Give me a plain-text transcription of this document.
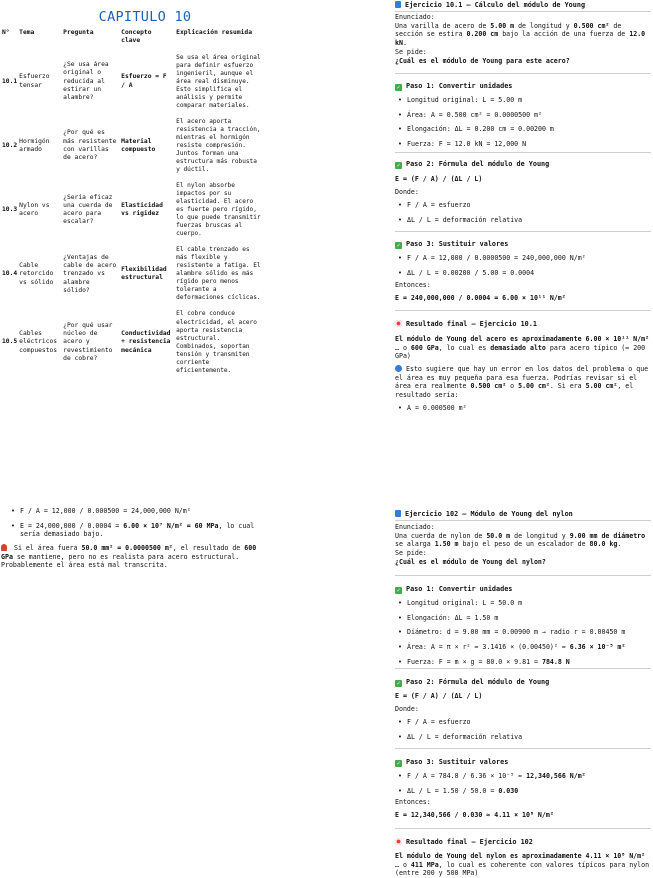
CAPITULO 10
N°	Tema	Pregunta	Concepto clave	Explicación resumida
10.1	Esfuerzo tensar	¿Se usa área original o reducida al estirar un alambre?	Esfuerzo = F / A	Se usa el área original para definir esfuerzo ingenieril, aunque el área real disminuye. Esto simplifica el análisis y permite comparar materiales.
10.2	Hormigón armado	¿Por qué es más resistente con varillas de acero?	Material compuesto	El acero aporta resistencia a tracción, mientras el hormigón resiste compresión. Juntos forman una estructura más robusta y dúctil.
10.3	Nylon vs acero	¿Sería eficaz una cuerda de acero para escalar?	Elasticidad vs rigidez	El nylon absorbe impactos por su elasticidad. El acero es fuerte pero rígido, lo que puede transmitir fuerzas bruscas al cuerpo.
10.4	Cable retorcido vs sólido	¿Ventajas de cable de acero trenzado vs alambre sólido?	Flexibilidad estructural	El cable trenzado es más flexible y resistente a fatiga. El alambre sólido es más rígido pero menos tolerante a deformaciones cíclicas.
10.5	Cables eléctricos compuestos	¿Por qué usar núcleo de acero y revestimiento de cobre?	Conductividad + resistencia mecánica	El cobre conduce electricidad, el acero aporta resistencia estructural. Combinados, soportan tensión y transmiten corriente eficientemente.
• F / A = 12,000 / 0.000500 = 24,000,000 N/m²
• E = 24,000,000 / 0.0004 = 6.00 × 10⁷ N/m² = 60 MPa, lo cual sería demasiado bajo.
Si el área fuera 50.0 mm² = 0.0000500 m², el resultado de 600 GPa se mantiene, pero no es realista para acero estructural. Probablemente el área está mal transcrita.
Ejercicio 10.1 — Cálculo del módulo de Young
Enunciado:
Una varilla de acero de 5.00 m de longitud y 0.500 cm² de sección se estira 0.200 cm bajo la acción de una fuerza de 12.0 kN.
Se pide:
¿Cuál es el módulo de Young para este acero?
✓ Paso 1: Convertir unidades
• Longitud original: L = 5.00 m
• Área: A = 0.500 cm² = 0.0000500 m²
• Elongación: ΔL = 0.200 cm = 0.00200 m
• Fuerza: F = 12.0 kN = 12,000 N
✓ Paso 2: Fórmula del módulo de Young
E = (F / A) / (ΔL / L)
Donde:
• F / A = esfuerzo
• ΔL / L = deformación relativa
✓ Paso 3: Sustituir valores
• F / A = 12,000 / 0.0000500 = 240,000,000 N/m²
• ΔL / L = 0.00200 / 5.00 = 0.0004
Entonces:
E = 240,000,000 / 0.0004 = 6.00 × 10¹¹ N/m²
Resultado final — Ejercicio 10.1
El módulo de Young del acero es aproximadamente 6.00 × 10¹¹ N/m² … o 600 GPa, lo cual es demasiado alto para acero típico (≈ 200 GPa)
Esto sugiere que hay un error en los datos del problema o que el área es muy pequeña para esa fuerza. Podrías revisar si el área era realmente 0.500 cm² o 5.00 cm². Si era 5.00 cm², el resultado sería:
• A = 0.000500 m²
Ejercicio 102 — Módulo de Young del nylon
Enunciado:
Una cuerda de nylon de 50.0 m de longitud y 9.00 mm de diámetro se alarga 1.50 m bajo el peso de un escalador de 80.0 kg.
Se pide:
¿Cuál es el módulo de Young del nylon?
✓ Paso 1: Convertir unidades
• Longitud original: L = 50.0 m
• Elongación: ΔL = 1.50 m
• Diámetro: d = 9.00 mm = 0.00900 m → radio r = 0.00450 m
• Área: A = π × r² ≈ 3.1416 × (0.00450)² ≈ 6.36 × 10⁻⁵ m²
• Fuerza: F = m × g = 80.0 × 9.81 = 784.8 N
✓ Paso 2: Fórmula del módulo de Young
E = (F / A) / (ΔL / L)
Donde:
• F / A = esfuerzo
• ΔL / L = deformación relativa
✓ Paso 3: Sustituir valores
• F / A = 784.8 / 6.36 × 10⁻⁵ ≈ 12,340,566 N/m²
• ΔL / L = 1.50 / 50.0 = 0.030
Entonces:
E = 12,340,566 / 0.030 ≈ 4.11 × 10⁸ N/m²
Resultado final — Ejercicio 102
El módulo de Young del nylon es aproximadamente 4.11 × 10⁸ N/m² … o 411 MPa, lo cual es coherente con valores típicos para nylon (entre 200 y 500 MPa)
